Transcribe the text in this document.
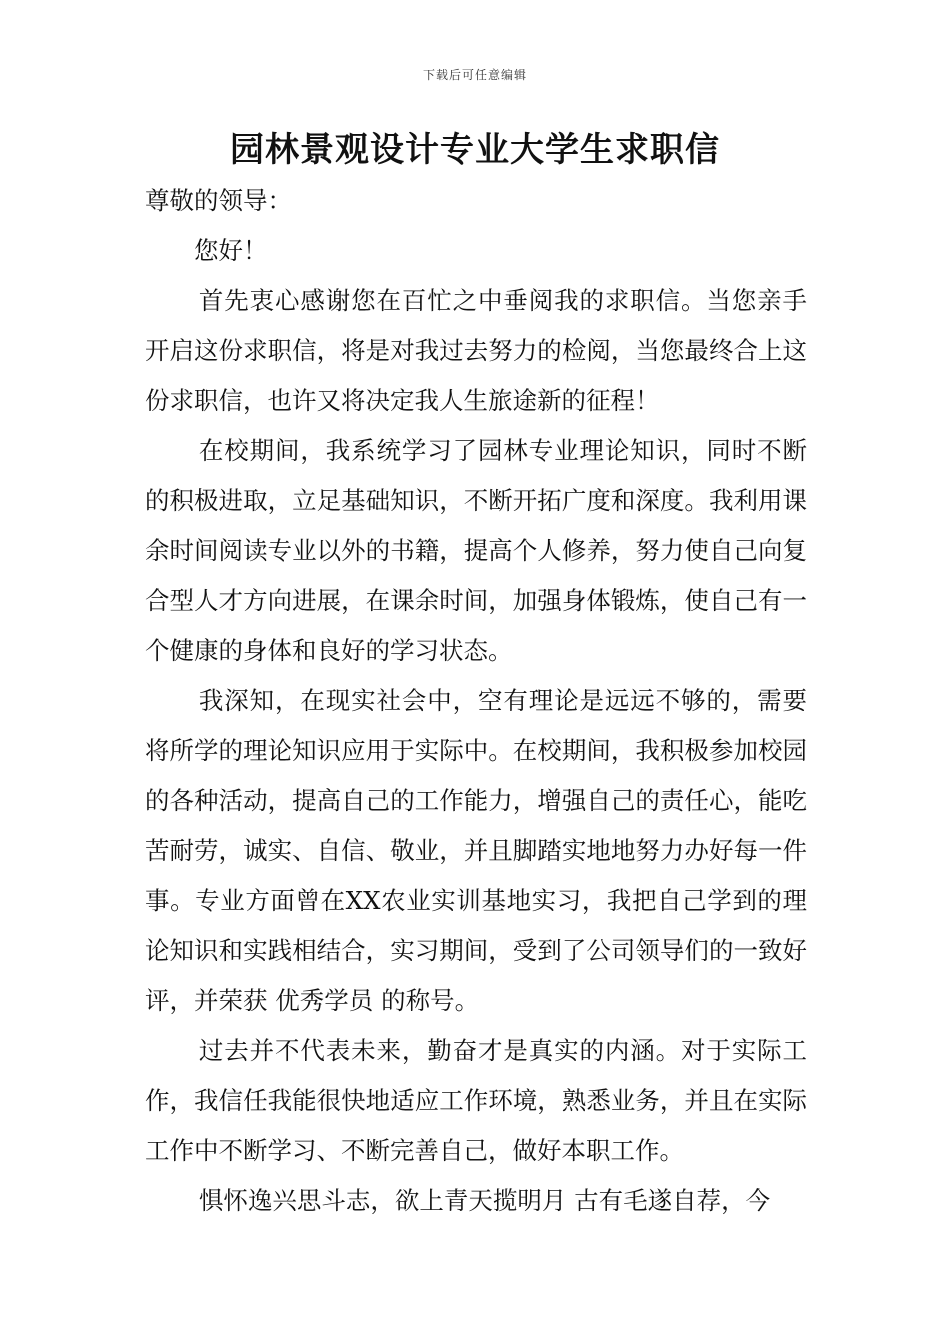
下载后可任意编辑
园林景观设计专业大学生求职信

尊敬的领导：

您好！

首先衷心感谢您在百忙之中垂阅我的求职信。当您亲手开启这份求职信，将是对我过去努力的检阅，当您最终合上这份求职信，也许又将决定我人生旅途新的征程！

在校期间，我系统学习了园林专业理论知识，同时不断的积极进取，立足基础知识，不断开拓广度和深度。我利用课余时间阅读专业以外的书籍，提高个人修养，努力使自己向复合型人才方向进展，在课余时间，加强身体锻炼，使自己有一个健康的身体和良好的学习状态。

我深知，在现实社会中，空有理论是远远不够的，需要将所学的理论知识应用于实际中。在校期间，我积极参加校园的各种活动，提高自己的工作能力，增强自己的责任心，能吃苦耐劳，诚实、自信、敬业，并且脚踏实地地努力办好每一件事。专业方面曾在XX农业实训基地实习，我把自己学到的理论知识和实践相结合，实习期间，受到了公司领导们的一致好评，并荣获 优秀学员 的称号。

过去并不代表未来，勤奋才是真实的内涵。对于实际工作，我信任我能很快地适应工作环境，熟悉业务，并且在实际工作中不断学习、不断完善自己，做好本职工作。

惧怀逸兴思斗志，欲上青天揽明月 古有毛遂自荐，今
